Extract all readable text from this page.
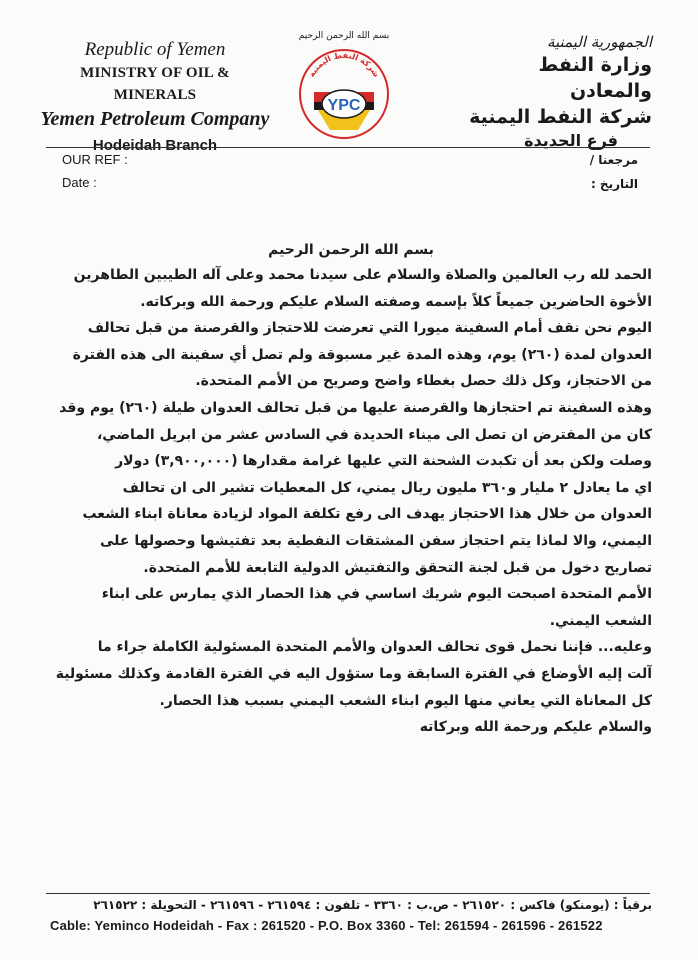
Republic of Yemen
MINISTRY OF OIL & MINERALS
Yemen Petroleum Company
Hodeidah Branch
بسم الله الرحمن الرحيم
شركة النفط اليمنية
YPC
الجمهورية اليمنية
وزارة النفط والمعادن
شركة النفط اليمنية
فرع الحديدة
OUR REF :
Date :
مرجعنا /
التاريخ :
بسم الله الرحمن الرحيم
الحمد لله رب العالمين والصلاة والسلام على سيدنا محمد وعلى آله الطيبين الطاهرين
الأخوة الحاضرين جميعاً كلاً بإسمه وصفته السلام عليكم ورحمة الله وبركاته.
اليوم نحن نقف أمام السفينة ميورا التي تعرضت للاحتجاز والقرصنة من قبل تحالف
العدوان لمدة (٢٦٠) يوم، وهذه المدة غير مسبوقة ولم تصل أي سفينة الى هذه الفترة
من الاحتجاز، وكل ذلك حصل بغطاء واضح وصريح من الأمم المتحدة.
وهذه السفينة تم احتجازها والقرصنة عليها من قبل تحالف العدوان طيلة (٢٦٠) يوم وقد
كان من المفترض ان تصل الى ميناء الحديدة في السادس عشر من ابريل الماضي،
وصلت ولكن بعد أن تكبدت الشحنة التي عليها غرامة مقدارها (٣,٩٠٠,٠٠٠) دولار
اي ما يعادل ٢ مليار و٣٦٠ مليون ريال يمني، كل المعطيات تشير الى ان تحالف
العدوان من خلال هذا الاحتجاز يهدف الى رفع تكلفة المواد لزيادة معاناة ابناء الشعب
اليمني، والا لماذا يتم احتجاز سفن المشتقات النفطية بعد تفتيشها وحصولها على
تصاريح دخول من قبل لجنة التحقق والتفتيش الدولية التابعة للأمم المتحدة.
الأمم المتحدة اصبحت اليوم شريك اساسي في هذا الحصار الذي يمارس على ابناء
الشعب اليمني.
وعليه... فإننا نحمل قوى تحالف العدوان والأمم المتحدة المسئولية الكاملة جراء ما
آلت إليه الأوضاع في الفترة السابقة وما ستؤول اليه في الفترة القادمة وكذلك مسئولية
كل المعاناة التي يعاني منها اليوم ابناء الشعب اليمني بسبب هذا الحصار.
والسلام عليكم ورحمة الله وبركاته
برقياً : (يومنكو) فاكس : ٢٦١٥٢٠ - ص.ب : ٣٣٦٠ - تلفون : ٢٦١٥٩٤ - ٢٦١٥٩٦ - التحويلة : ٢٦١٥٢٢
Cable: Yeminco Hodeidah - Fax : 261520 - P.O. Box 3360 - Tel: 261594 - 261596 - 261522
